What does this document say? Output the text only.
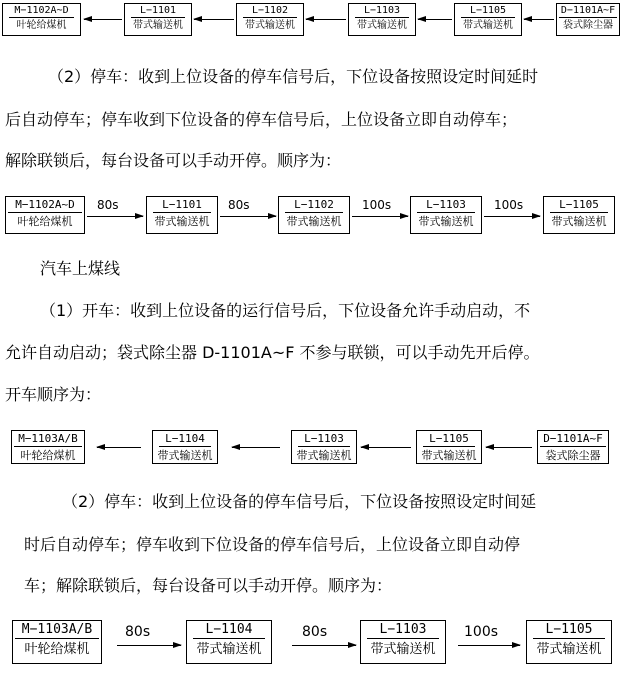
M−1102A~D
叶轮给煤机
L−1101
带式输送机
L−1102
带式输送机
L−1103
带式输送机
L−1105
带式输送机
D−1101A~F
袋式除尘器
（2）停车：收到上位设备的停车信号后，下位设备按照设定时间延时
后自动停车；停车收到下位设备的停车信号后，上位设备立即自动停车；
解除联锁后，每台设备可以手动开停。顺序为：
M−1102A~D
叶轮给煤机
80s	L−1101
带式输送机
80s	L−1102
带式输送机
100s	L−1103
带式输送机
100s	L−1105
带式输送机
汽车上煤线
（1）开车：收到上位设备的运行信号后，下位设备允许手动启动，不
允许自动启动；袋式除尘器 D-1101A~F 不参与联锁，可以手动先开后停。
开车顺序为：
M−1103A/B
叶轮给煤机
L−1104
带式输送机
L−1103
带式输送机
L−1105
带式输送机
D−1101A~F
袋式除尘器
（2）停车：收到上位设备的停车信号后，下位设备按照设定时间延
时后自动停车；停车收到下位设备的停车信号后，上位设备立即自动停
车；解除联锁后，每台设备可以手动开停。顺序为：
M−1103A/B
叶轮给煤机
80s	L−1104
带式输送机
80s	L−1103
带式输送机
100s	L−1105
带式输送机
